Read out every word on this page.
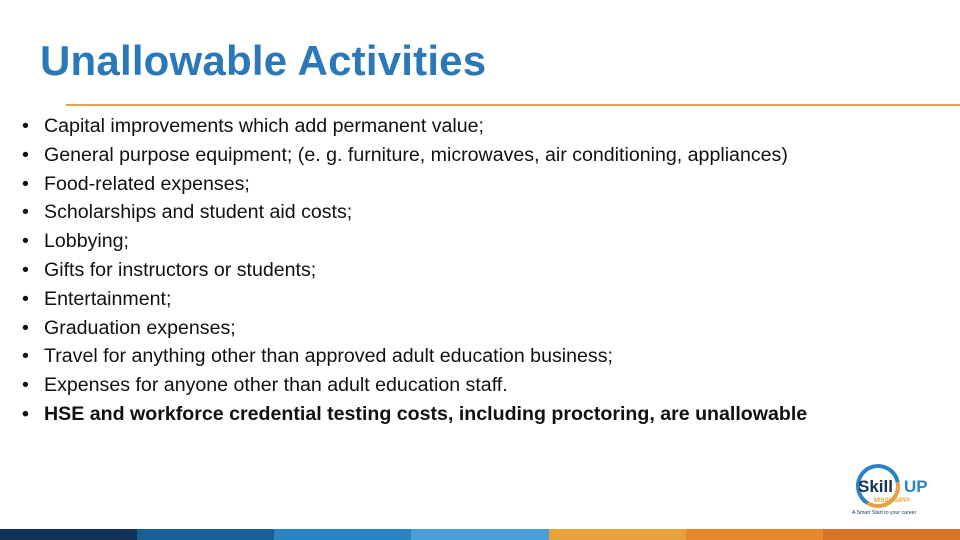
Unallowable Activities
• Capital improvements which add permanent value;
• General purpose equipment; (e. g. furniture, microwaves, air conditioning, appliances)
• Food-related expenses;
• Scholarships and student aid costs;
• Lobbying;
• Gifts for instructors or students;
• Entertainment;
• Graduation expenses;
• Travel for anything other than approved adult education business;
• Expenses for anyone other than adult education staff.
• HSE and workforce credential testing costs, including proctoring, are unallowable
Skill UP
MISSISSIPPI
A Smart Start to your career
